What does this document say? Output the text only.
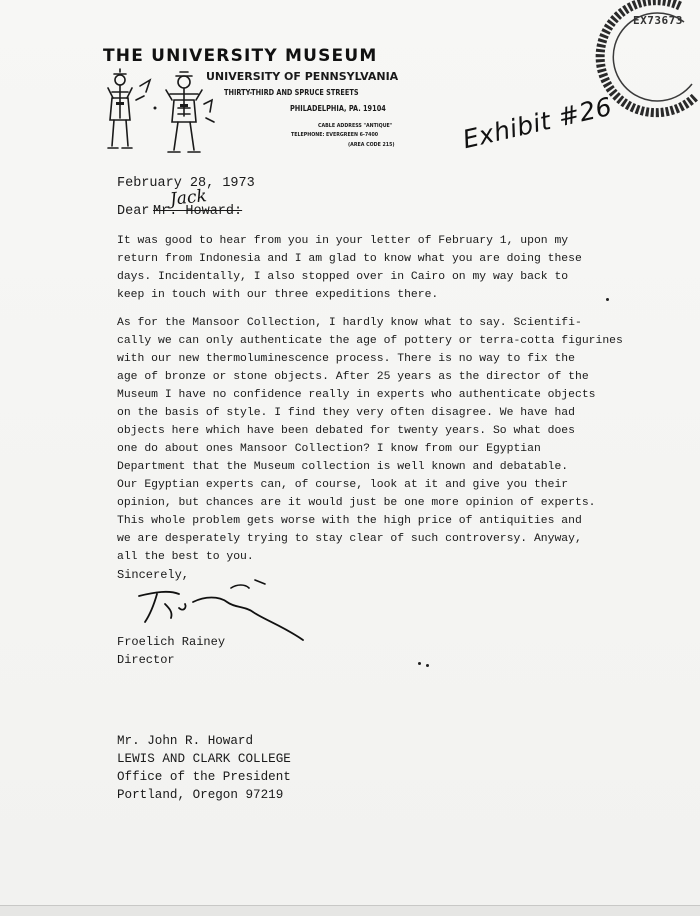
THE UNIVERSITY MUSEUM
UNIVERSITY OF PENNSYLVANIA
THIRTY-THIRD AND SPRUCE STREETS
PHILADELPHIA, PA. 19104
CABLE ADDRESS "ANTIQUE"
TELEPHONE: EVERGREEN 6-7400
(AREA CODE 215)
EX73673
Exhibit #26
February 28, 1973
Dear Mr. Howard:
Jack
It was good to hear from you in your letter of February 1, upon my
return from Indonesia and I am glad to know what you are doing these
days. Incidentally, I also stopped over in Cairo on my way back to
keep in touch with our three expeditions there.
As for the Mansoor Collection, I hardly know what to say. Scientifi-
cally we can only authenticate the age of pottery or terra-cotta figurines
with our new thermoluminescence process. There is no way to fix the
age of bronze or stone objects. After 25 years as the director of the
Museum I have no confidence really in experts who authenticate objects
on the basis of style. I find they very often disagree. We have had
objects here which have been debated for twenty years. So what does
one do about ones Mansoor Collection? I know from our Egyptian
Department that the Museum collection is well known and debatable.
Our Egyptian experts can, of course, look at it and give you their
opinion, but chances are it would just be one more opinion of experts.
This whole problem gets worse with the high price of antiquities and
we are desperately trying to stay clear of such controversy. Anyway,
all the best to you.
Sincerely,
Froelich Rainey
Director
Mr. John R. Howard
LEWIS AND CLARK COLLEGE
Office of the President
Portland, Oregon 97219
